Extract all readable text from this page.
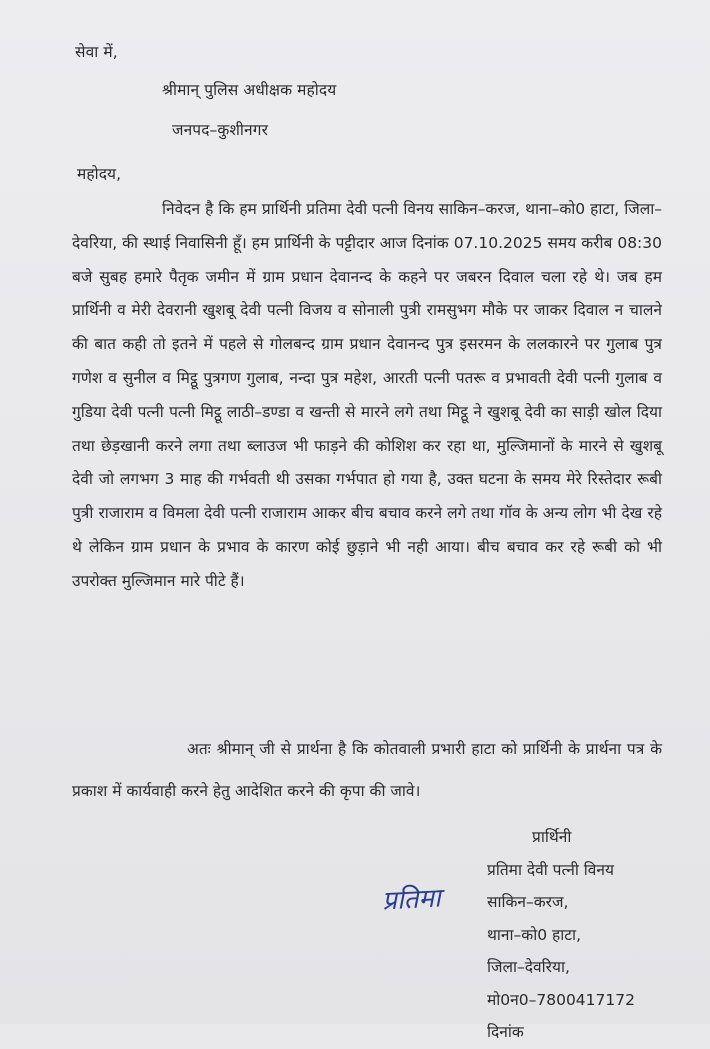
सेवा में,
श्रीमान् पुलिस अधीक्षक महोदय
जनपद–कुशीनगर
महोदय,
निवेदन है कि हम प्रार्थिनी प्रतिमा देवी पत्नी विनय साकिन–करज, थाना–को0 हाटा, जिला–देवरिया, की स्थाई निवासिनी हूँ। हम प्रार्थिनी के पट्टीदार आज दिनांक 07.10.2025 समय करीब 08:30 बजे सुबह हमारे पैतृक जमीन में ग्राम प्रधान देवानन्द के कहने पर जबरन दिवाल चला रहे थे। जब हम प्रार्थिनी व मेरी देवरानी खुशबू देवी पत्नी विजय व सोनाली पुत्री रामसुभग मौके पर जाकर दिवाल न चालने की बात कही तो इतने में पहले से गोलबन्द ग्राम प्रधान देवानन्द पुत्र इसरमन के ललकारने पर गुलाब पुत्र गणेश व सुनील व मिट्ठू पुत्रगण गुलाब, नन्दा पुत्र महेश, आरती पत्नी पतरू व प्रभावती देवी पत्नी गुलाब व गुडिया देवी पत्नी पत्नी मिट्ठू लाठी–डण्डा व खन्ती से मारने लगे तथा मिट्ठू ने खुशबू देवी का साड़ी खोल दिया तथा छेड़खानी करने लगा तथा ब्लाउज भी फाड़ने की कोशिश कर रहा था, मुल्जिमानों के मारने से खुशबू देवी जो लगभग 3 माह की गर्भवती थी उसका गर्भपात हो गया है, उक्त घटना के समय मेरे रिस्तेदार रूबी पुत्री राजाराम व विमला देवी पत्नी राजाराम आकर बीच बचाव करने लगे तथा गॉव के अन्य लोग भी देख रहे थे लेकिन ग्राम प्रधान के प्रभाव के कारण कोई छुड़ाने भी नही आया। बीच बचाव कर रहे रूबी को भी उपरोक्त मुल्जिमान मारे पीटे हैं।
अतः श्रीमान् जी से प्रार्थना है कि कोतवाली प्रभारी हाटा को प्रार्थिनी के प्रार्थना पत्र के प्रकाश में कार्यवाही करने हेतु आदेशित करने की कृपा की जावे।
प्रतिमा
प्रार्थिनी
प्रतिमा देवी पत्नी विनय
साकिन–करज,
थाना–को0 हाटा,
जिला–देवरिया,
मो0न0–7800417172
दिनांक
